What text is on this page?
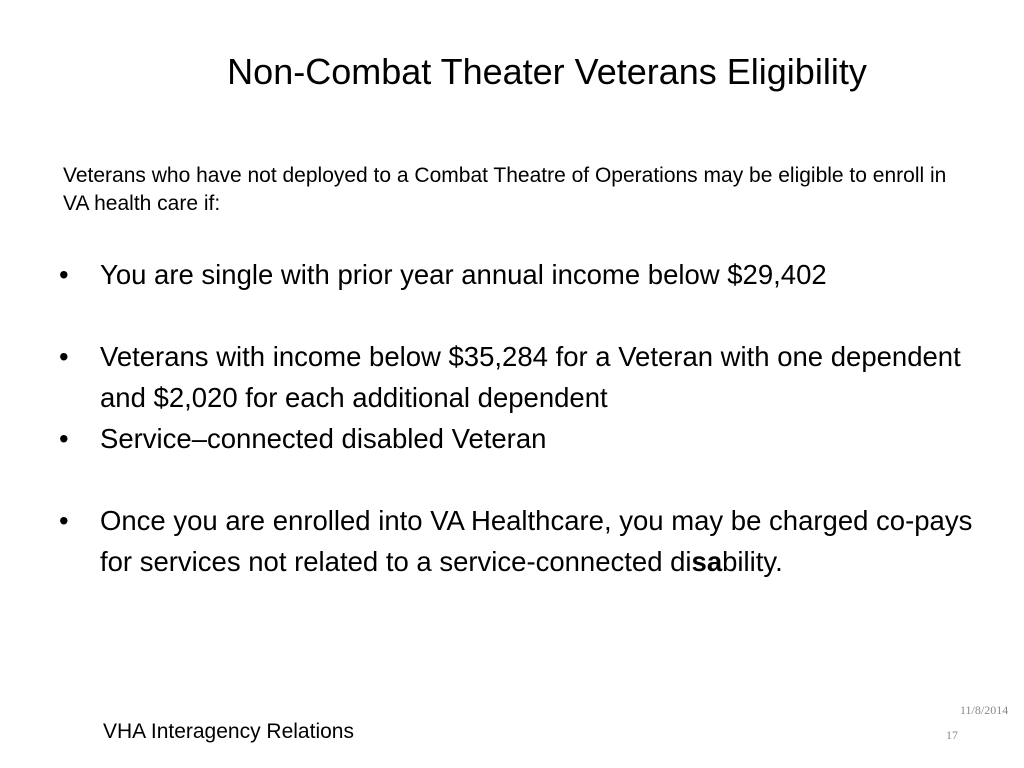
Non-Combat Theater Veterans Eligibility
Veterans who have not deployed to a Combat Theatre of Operations may be eligible to enroll in VA health care if:
•	You are single with prior year annual income below $29,402
•	Veterans with income below $35,284 for a Veteran with one dependent and $2,020 for each additional dependent
•	Service–connected disabled Veteran
•	Once you are enrolled into VA Healthcare, you may be charged co-pays for services not related to a service-connected disability.
VHA Interagency Relations
11/8/2014
17
